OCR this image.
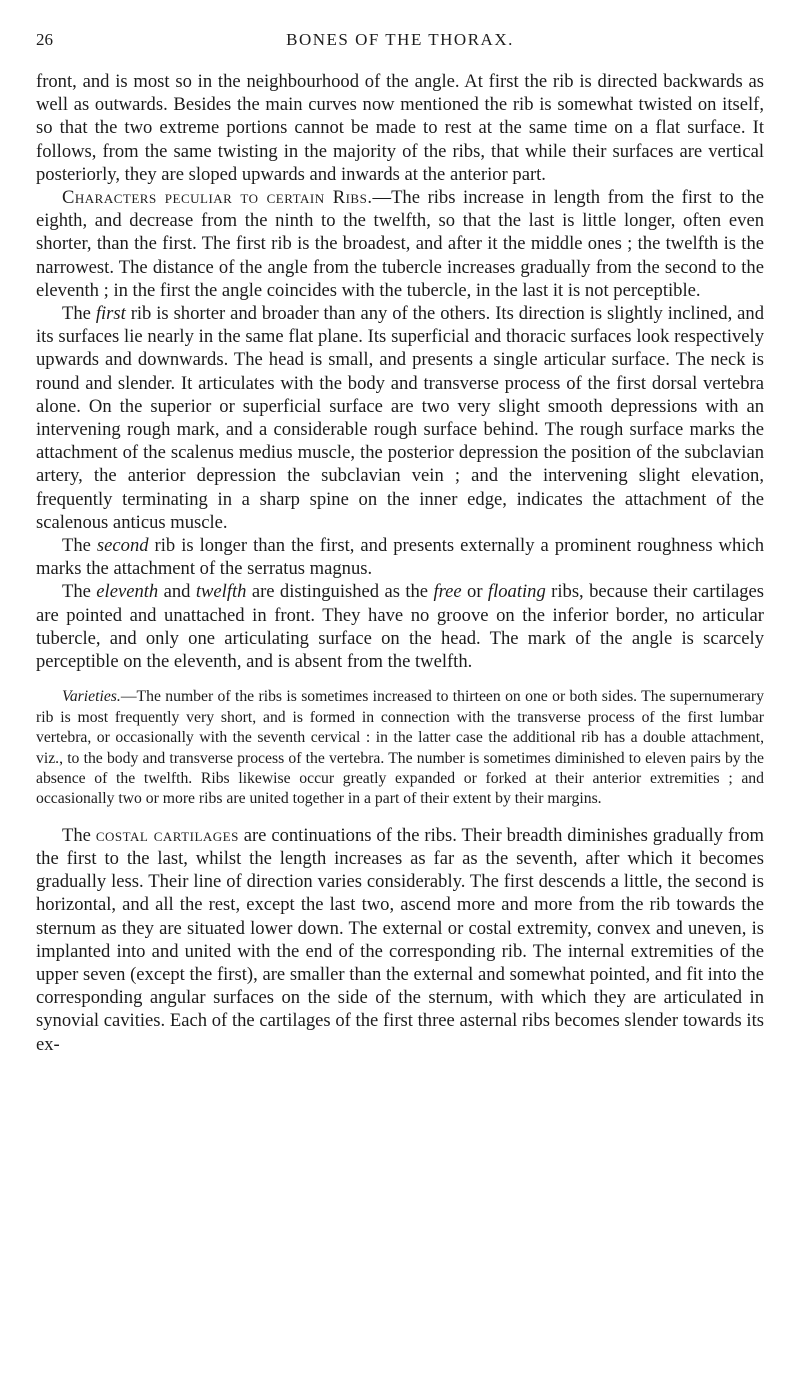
26	BONES OF THE THORAX.

front, and is most so in the neighbourhood of the angle. At first the rib is directed backwards as well as outwards. Besides the main curves now mentioned the rib is somewhat twisted on itself, so that the two extreme portions cannot be made to rest at the same time on a flat surface. It follows, from the same twisting in the majority of the ribs, that while their surfaces are vertical posteriorly, they are sloped upwards and inwards at the anterior part.

Characters peculiar to certain Ribs.—The ribs increase in length from the first to the eighth, and decrease from the ninth to the twelfth, so that the last is little longer, often even shorter, than the first. The first rib is the broadest, and after it the middle ones ; the twelfth is the narrowest. The distance of the angle from the tubercle increases gradually from the second to the eleventh ; in the first the angle coincides with the tubercle, in the last it is not perceptible.

The first rib is shorter and broader than any of the others. Its direction is slightly inclined, and its surfaces lie nearly in the same flat plane. Its superficial and thoracic surfaces look respectively upwards and downwards. The head is small, and presents a single articular surface. The neck is round and slender. It articulates with the body and transverse process of the first dorsal vertebra alone. On the superior or superficial surface are two very slight smooth depressions with an intervening rough mark, and a considerable rough surface behind. The rough surface marks the attachment of the scalenus medius muscle, the posterior depression the position of the subclavian artery, the anterior depression the subclavian vein ; and the intervening slight elevation, frequently terminating in a sharp spine on the inner edge, indicates the attachment of the scalenous anticus muscle.

The second rib is longer than the first, and presents externally a prominent roughness which marks the attachment of the serratus magnus.

The eleventh and twelfth are distinguished as the free or floating ribs, because their cartilages are pointed and unattached in front. They have no groove on the inferior border, no articular tubercle, and only one articulating surface on the head. The mark of the angle is scarcely perceptible on the eleventh, and is absent from the twelfth.

Varieties.—The number of the ribs is sometimes increased to thirteen on one or both sides. The supernumerary rib is most frequently very short, and is formed in connection with the transverse process of the first lumbar vertebra, or occasionally with the seventh cervical : in the latter case the additional rib has a double attachment, viz., to the body and transverse process of the vertebra. The number is sometimes diminished to eleven pairs by the absence of the twelfth. Ribs likewise occur greatly expanded or forked at their anterior extremities ; and occasionally two or more ribs are united together in a part of their extent by their margins.

The costal cartilages are continuations of the ribs. Their breadth diminishes gradually from the first to the last, whilst the length increases as far as the seventh, after which it becomes gradually less. Their line of direction varies considerably. The first descends a little, the second is horizontal, and all the rest, except the last two, ascend more and more from the rib towards the sternum as they are situated lower down. The external or costal extremity, convex and uneven, is implanted into and united with the end of the corresponding rib. The internal extremities of the upper seven (except the first), are smaller than the external and somewhat pointed, and fit into the corresponding angular surfaces on the side of the sternum, with which they are articulated in synovial cavities. Each of the cartilages of the first three asternal ribs becomes slender towards its ex-
